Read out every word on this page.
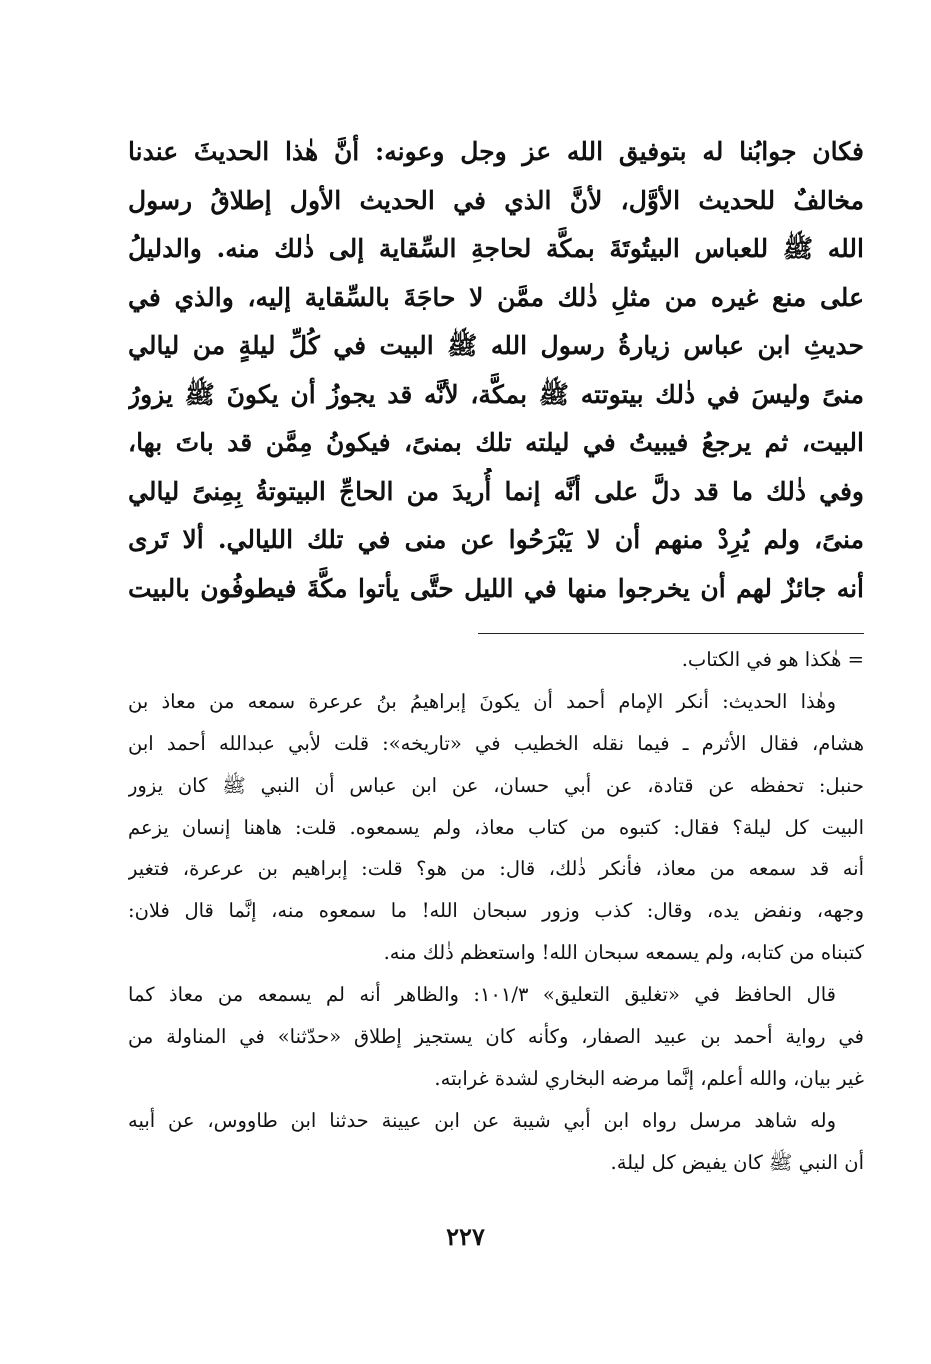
فكان جوابُنا له بتوفيق الله عز وجل وعونه: أنَّ هٰذا الحديثَ عندنا
مخالفٌ للحديث الأوَّل، لأنَّ الذي في الحديث الأول إطلاقُ رسول
الله ﷺ للعباس البيتُوتَةَ بمكَّة لحاجةِ السِّقاية إلى ذٰلك منه. والدليلُ
على منع غيره من مثلِ ذٰلك ممَّن لا حاجَةَ بالسِّقاية إليه، والذي في
حديثِ ابن عباس زيارةُ رسول الله ﷺ البيت في كُلِّ ليلةٍ من ليالي
منىً وليسَ في ذٰلك بيتوتته ﷺ بمكَّة، لأنَّه قد يجوزُ أن يكونَ ﷺ يزورُ
البيت، ثم يرجعُ فيبيتُ في ليلته تلك بمنىً، فيكونُ مِمَّن قد باتَ بها،
وفي ذٰلك ما قد دلَّ على أنَّه إنما أُريدَ من الحاجِّ البيتوتةُ بِمِنىً ليالي
منىً، ولم يُرِدْ منهم أن لا يَبْرَحُوا عن منى في تلك الليالي. ألا تَرى
أنه جائزٌ لهم أن يخرجوا منها في الليل حتَّى يأتوا مكَّةَ فيطوفُون بالبيت
= هٰكذا هو في الكتاب.
وهٰذا الحديث: أنكر الإمام أحمد أن يكونَ إبراهيمُ بنُ عرعرة سمعه من معاذ بن
هشام، فقال الأثرم ـ فيما نقله الخطيب في «تاريخه»: قلت لأبي عبدالله أحمد ابن
حنبل: تحفظه عن قتادة، عن أبي حسان، عن ابن عباس أن النبي ﷺ كان يزور
البيت كل ليلة؟ فقال: كتبوه من كتاب معاذ، ولم يسمعوه. قلت: هاهنا إنسان يزعم
أنه قد سمعه من معاذ، فأنكر ذٰلك، قال: من هو؟ قلت: إبراهيم بن عرعرة، فتغير
وجهه، ونفض يده، وقال: كذب وزور سبحان الله! ما سمعوه منه، إنَّما قال فلان:
كتبناه من كتابه، ولم يسمعه سبحان الله! واستعظم ذٰلك منه.
قال الحافظ في «تغليق التعليق» ١٠١/٣: والظاهر أنه لم يسمعه من معاذ كما
في رواية أحمد بن عبيد الصفار، وكأنه كان يستجيز إطلاق «حدّثنا» في المناولة من
غير بيان، والله أعلم، إنَّما مرضه البخاري لشدة غرابته.
وله شاهد مرسل رواه ابن أبي شيبة عن ابن عيينة حدثنا ابن طاووس، عن أبيه
أن النبي ﷺ كان يفيض كل ليلة.
٢٢٧
